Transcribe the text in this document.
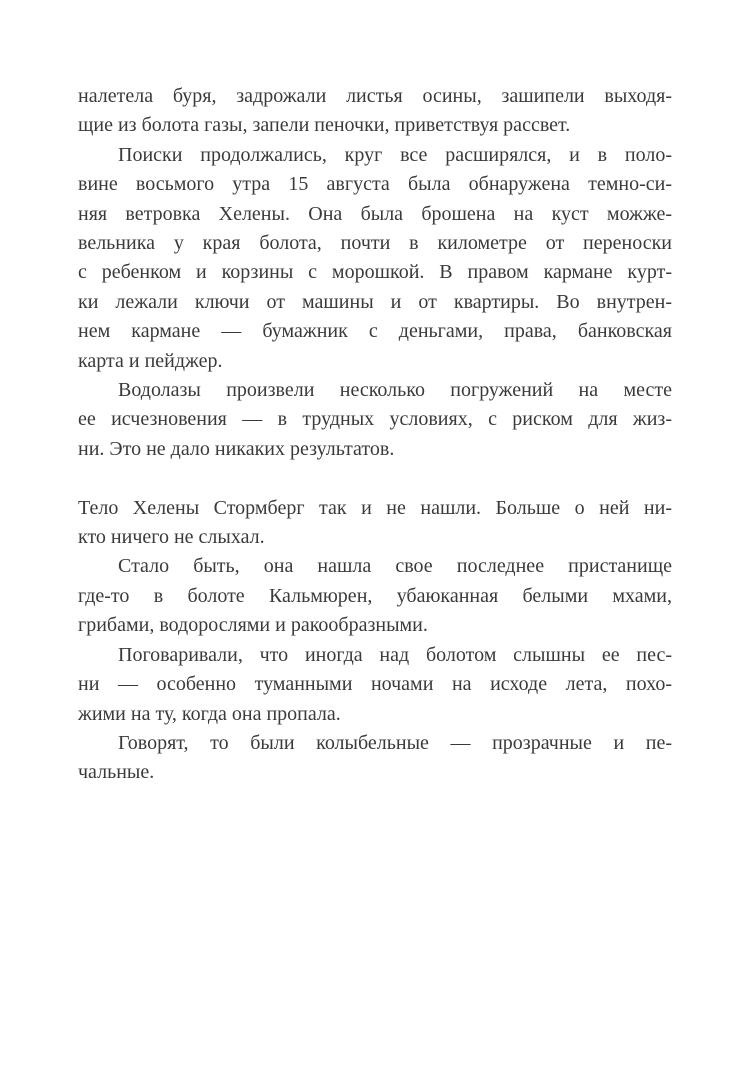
налетела буря, задрожали листья осины, зашипели выходя-
щие из болота газы, запели пеночки, приветствуя рассвет.
Поиски продолжались, круг все расширялся, и в поло-
вине восьмого утра 15 августа была обнаружена темно-си-
няя ветровка Хелены. Она была брошена на куст можже-
вельника у края болота, почти в километре от переноски
с ребенком и корзины с морошкой. В правом кармане курт-
ки лежали ключи от машины и от квартиры. Во внутрен-
нем кармане — бумажник с деньгами, права, банковская
карта и пейджер.
Водолазы произвели несколько погружений на месте
ее исчезновения — в трудных условиях, с риском для жиз-
ни. Это не дало никаких результатов.
Тело Хелены Стормберг так и не нашли. Больше о ней ни-
кто ничего не слыхал.
Стало быть, она нашла свое последнее пристанище
где-то в болоте Кальмюрен, убаюканная белыми мхами,
грибами, водорослями и ракообразными.
Поговаривали, что иногда над болотом слышны ее пес-
ни — особенно туманными ночами на исходе лета, похо-
жими на ту, когда она пропала.
Говорят, то были колыбельные — прозрачные и пе-
чальные.
